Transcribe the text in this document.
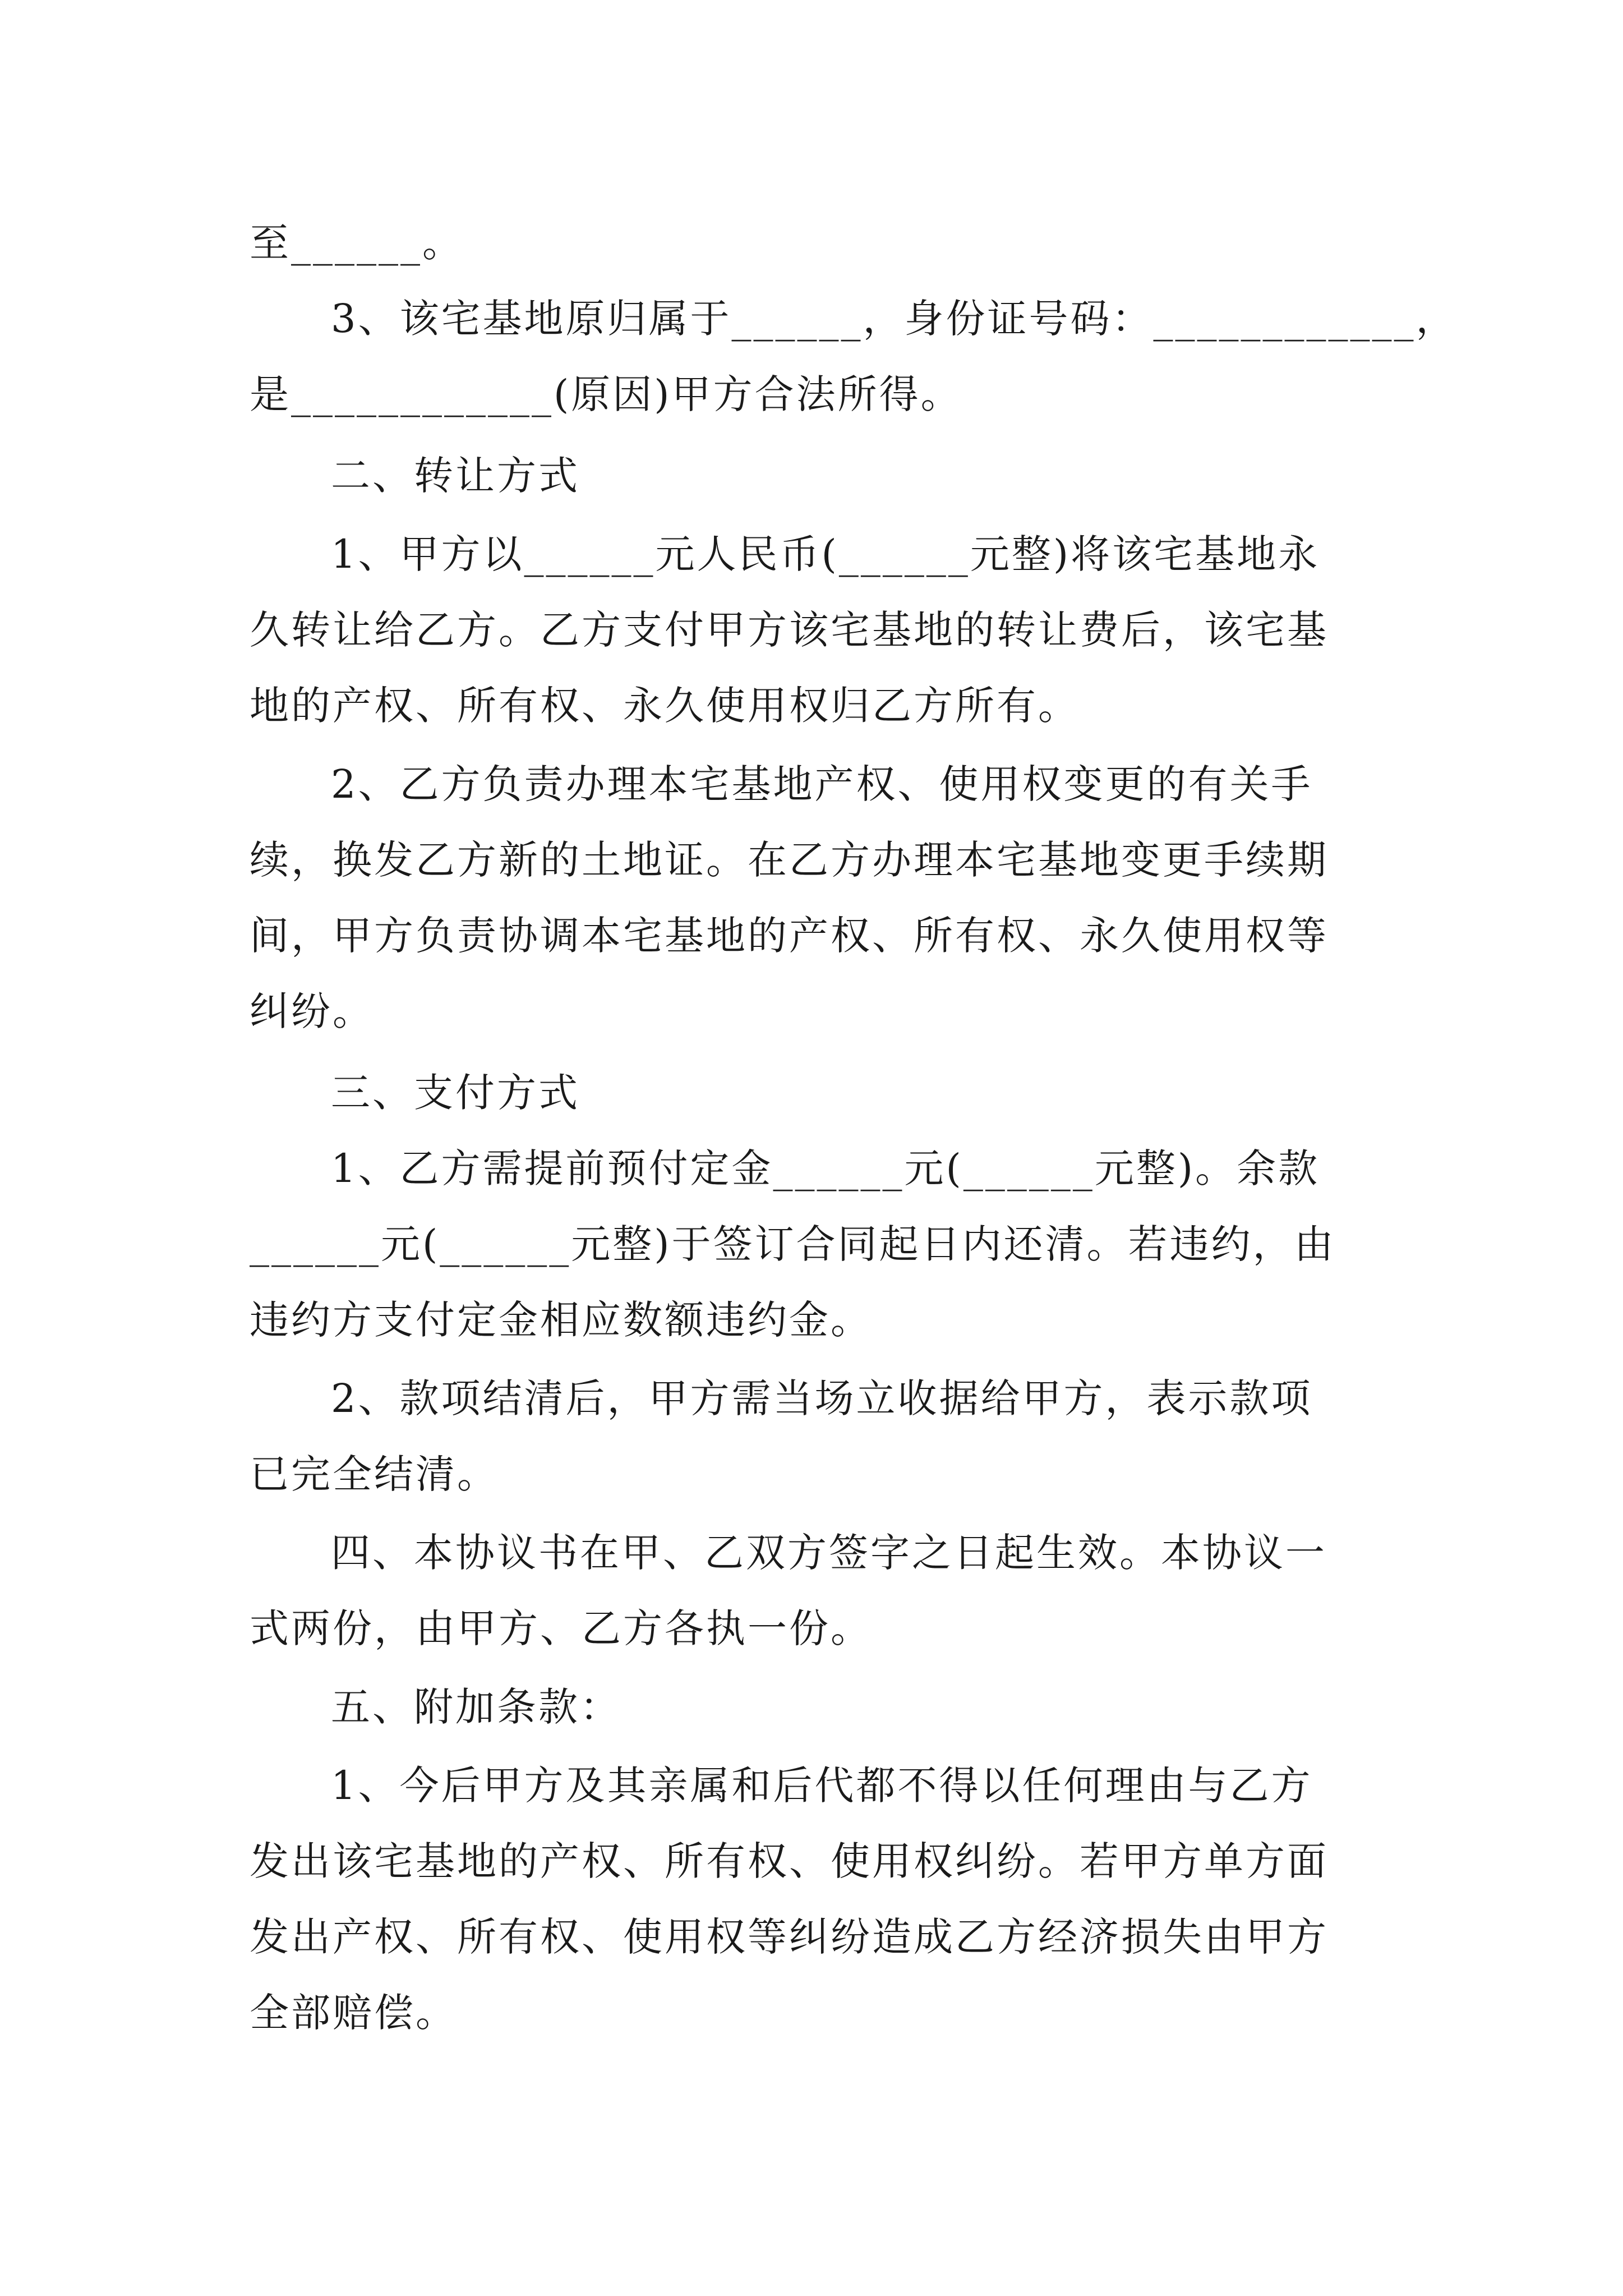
至______。
3、该宅基地原归属于______，身份证号码：____________，
是____________(原因)甲方合法所得。
二、转让方式
1、甲方以______元人民币(______元整)将该宅基地永
久转让给乙方。乙方支付甲方该宅基地的转让费后，该宅基
地的产权、所有权、永久使用权归乙方所有。
2、乙方负责办理本宅基地产权、使用权变更的有关手
续，换发乙方新的土地证。在乙方办理本宅基地变更手续期
间，甲方负责协调本宅基地的产权、所有权、永久使用权等
纠纷。
三、支付方式
1、乙方需提前预付定金______元(______元整)。余款
______元(______元整)于签订合同起日内还清。若违约，由
违约方支付定金相应数额违约金。
2、款项结清后，甲方需当场立收据给甲方，表示款项
已完全结清。
四、本协议书在甲、乙双方签字之日起生效。本协议一
式两份，由甲方、乙方各执一份。
五、附加条款：
1、今后甲方及其亲属和后代都不得以任何理由与乙方
发出该宅基地的产权、所有权、使用权纠纷。若甲方单方面
发出产权、所有权、使用权等纠纷造成乙方经济损失由甲方
全部赔偿。
